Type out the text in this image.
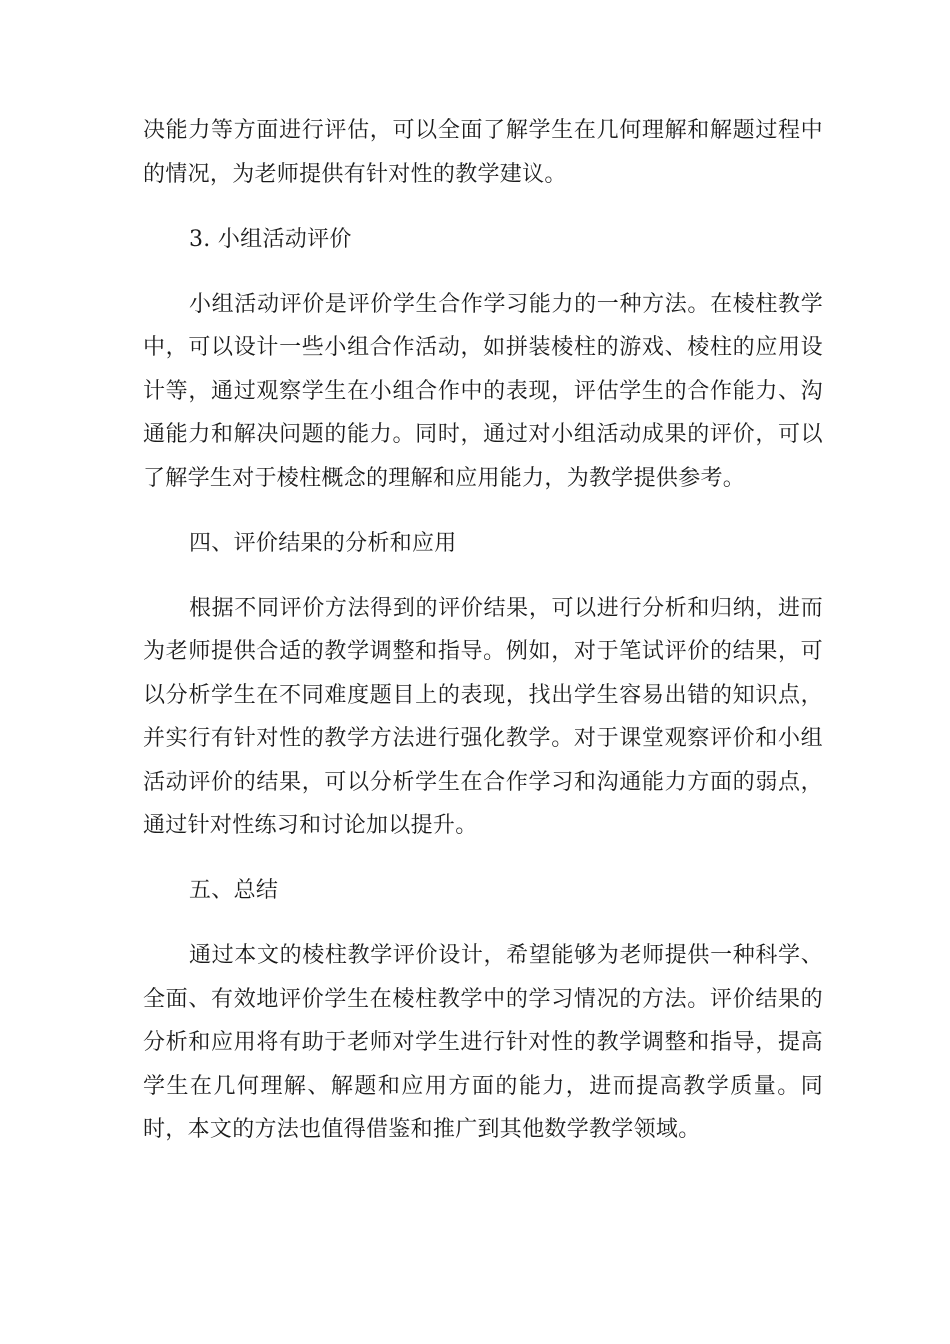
决能力等方面进行评估，可以全面了解学生在几何理解和解题过程中的情况，为老师提供有针对性的教学建议。

3. 小组活动评价

小组活动评价是评价学生合作学习能力的一种方法。在棱柱教学中，可以设计一些小组合作活动，如拼装棱柱的游戏、棱柱的应用设计等，通过观察学生在小组合作中的表现，评估学生的合作能力、沟通能力和解决问题的能力。同时，通过对小组活动成果的评价，可以了解学生对于棱柱概念的理解和应用能力，为教学提供参考。

四、评价结果的分析和应用

根据不同评价方法得到的评价结果，可以进行分析和归纳，进而为老师提供合适的教学调整和指导。例如，对于笔试评价的结果，可以分析学生在不同难度题目上的表现，找出学生容易出错的知识点，并实行有针对性的教学方法进行强化教学。对于课堂观察评价和小组活动评价的结果，可以分析学生在合作学习和沟通能力方面的弱点，通过针对性练习和讨论加以提升。

五、总结

通过本文的棱柱教学评价设计，希望能够为老师提供一种科学、全面、有效地评价学生在棱柱教学中的学习情况的方法。评价结果的分析和应用将有助于老师对学生进行针对性的教学调整和指导，提高学生在几何理解、解题和应用方面的能力，进而提高教学质量。同时，本文的方法也值得借鉴和推广到其他数学教学领域。
